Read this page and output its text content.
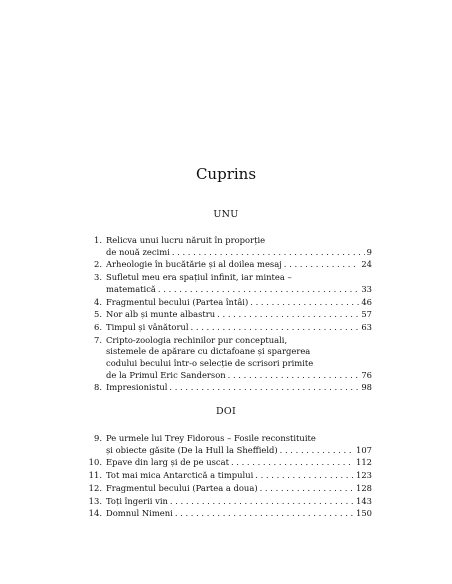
Cuprins
UNU
1. Relicva unui lucru năruit în proporție
de nouă zecimi . . .	9
2. Arheologie în bucătărie și al doilea mesaj . . .	24
3. Sufletul meu era spațiul infinit, iar mintea –
matematică . . .	33
4. Fragmentul becului (Partea întâi) . . .	46
5. Nor alb și munte albastru . . .	57
6. Timpul și vânătorul . . .	63
7. Cripto-zoologia rechinilor pur conceptuali,
sistemele de apărare cu dictafoane și spargerea
codului becului într-o selecție de scrisori primite
de la Primul Eric Sanderson . . .	76
8. Impresionistul . . .	98
DOI
9. Pe urmele lui Trey Fidorous – Fosile reconstituite
și obiecte găsite (De la Hull la Sheffield) . . .	107
10. Epave din larg și de pe uscat . . .	112
11. Tot mai mica Antarctică a timpului . . .	123
12. Fragmentul becului (Partea a doua) . . .	128
13. Toți îngerii vin . . .	143
14. Domnul Nimeni . . .	150
